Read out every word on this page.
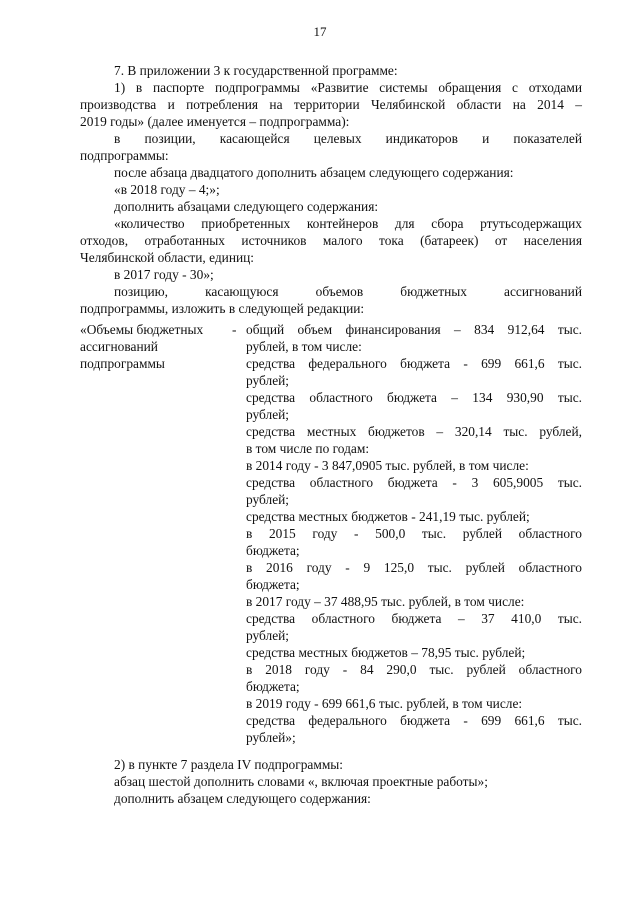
17

7. В приложении 3 к государственной программе:

1) в паспорте подпрограммы «Развитие системы обращения с отходами
производства и потребления на территории Челябинской области на 2014 –
2019 годы» (далее именуется – подпрограмма):
в позиции, касающейся целевых индикаторов и показателей
подпрограммы:

после абзаца двадцатого дополнить абзацем следующего содержания:

«в 2018 году – 4;»;

дополнить абзацами следующего содержания:

«количество приобретенных контейнеров для сбора ртутьсодержащих
отходов, отработанных источников малого тока (батареек) от населения
Челябинской области, единиц:

в 2017 году - 30»;

позицию, касающуюся объемов бюджетных ассигнований
подпрограммы, изложить в следующей редакции:
«Объемы бюджетных
ассигнований
подпрограммы
- общий объем финансирования – 834 912,64 тыс.
рублей, в том числе:
средства федерального бюджета - 699 661,6 тыс.
рублей;
средства областного бюджета – 134 930,90 тыс.
рублей;
средства местных бюджетов – 320,14 тыс. рублей,
в том числе по годам:
в 2014 году - 3 847,0905 тыс. рублей, в том числе:
средства областного бюджета - 3 605,9005 тыс.
рублей;
средства местных бюджетов - 241,19 тыс. рублей;
в 2015 году - 500,0 тыс. рублей областного
бюджета;
в 2016 году - 9 125,0 тыс. рублей областного
бюджета;
в 2017 году – 37 488,95 тыс. рублей, в том числе:
средства областного бюджета – 37 410,0 тыс.
рублей;
средства местных бюджетов – 78,95 тыс. рублей;
в 2018 году - 84 290,0 тыс. рублей областного
бюджета;
в 2019 году - 699 661,6 тыс. рублей, в том числе:
средства федерального бюджета - 699 661,6 тыс.
рублей»;

2) в пункте 7 раздела IV подпрограммы:

абзац шестой дополнить словами «, включая проектные работы»;

дополнить абзацем следующего содержания:
